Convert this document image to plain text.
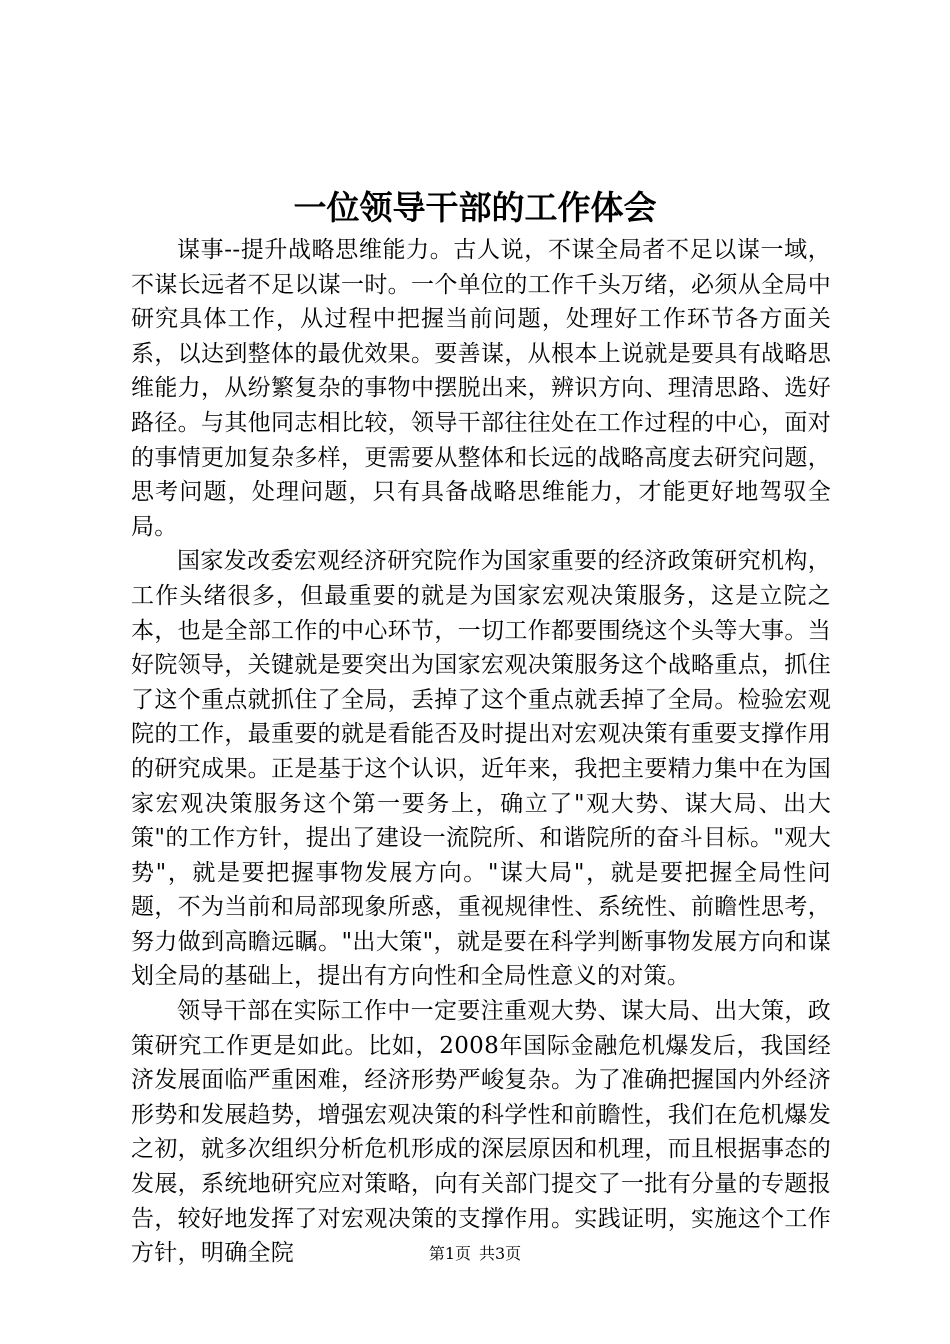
一位领导干部的工作体会

谋事--提升战略思维能力。古人说，不谋全局者不足以谋一域，不谋长远者不足以谋一时。一个单位的工作千头万绪，必须从全局中研究具体工作，从过程中把握当前问题，处理好工作环节各方面关系，以达到整体的最优效果。要善谋，从根本上说就是要具有战略思维能力，从纷繁复杂的事物中摆脱出来，辨识方向、理清思路、选好路径。与其他同志相比较，领导干部往往处在工作过程的中心，面对的事情更加复杂多样，更需要从整体和长远的战略高度去研究问题，思考问题，处理问题，只有具备战略思维能力，才能更好地驾驭全局。

国家发改委宏观经济研究院作为国家重要的经济政策研究机构，工作头绪很多，但最重要的就是为国家宏观决策服务，这是立院之本，也是全部工作的中心环节，一切工作都要围绕这个头等大事。当好院领导，关键就是要突出为国家宏观决策服务这个战略重点，抓住了这个重点就抓住了全局，丢掉了这个重点就丢掉了全局。检验宏观院的工作，最重要的就是看能否及时提出对宏观决策有重要支撑作用的研究成果。正是基于这个认识，近年来，我把主要精力集中在为国家宏观决策服务这个第一要务上，确立了"观大势、谋大局、出大策"的工作方针，提出了建设一流院所、和谐院所的奋斗目标。"观大势"，就是要把握事物发展方向。"谋大局"，就是要把握全局性问题，不为当前和局部现象所惑，重视规律性、系统性、前瞻性思考，努力做到高瞻远瞩。"出大策"，就是要在科学判断事物发展方向和谋划全局的基础上，提出有方向性和全局性意义的对策。

领导干部在实际工作中一定要注重观大势、谋大局、出大策，政策研究工作更是如此。比如，2008年国际金融危机爆发后，我国经济发展面临严重困难，经济形势严峻复杂。为了准确把握国内外经济形势和发展趋势，增强宏观决策的科学性和前瞻性，我们在危机爆发之初，就多次组织分析危机形成的深层原因和机理，而且根据事态的发展，系统地研究应对策略，向有关部门提交了一批有分量的专题报告，较好地发挥了对宏观决策的支撑作用。实践证明，实施这个工作方针，明确全院	第1页 共3页
